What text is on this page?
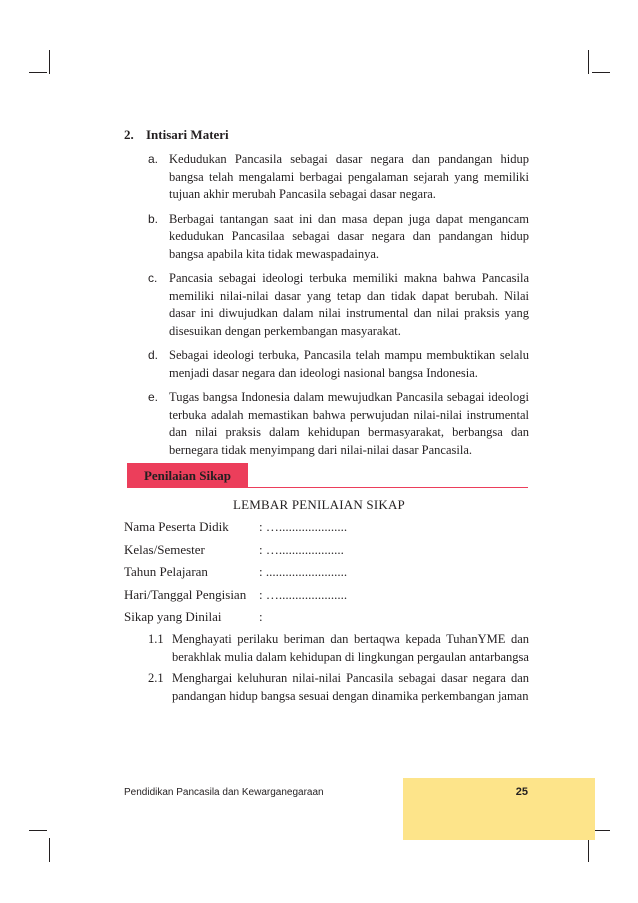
2. Intisari Materi
a. Kedudukan Pancasila sebagai dasar negara dan pandangan hidup bangsa telah mengalami berbagai pengalaman sejarah yang memiliki tujuan akhir merubah Pancasila sebagai dasar negara.
b. Berbagai tantangan saat ini dan masa depan juga dapat mengancam kedudukan Pancasilaa sebagai dasar negara dan pandangan hidup bangsa apabila kita tidak mewaspadainya.
c. Pancasia sebagai ideologi terbuka memiliki makna bahwa Pancasila memiliki nilai-nilai dasar yang tetap dan tidak dapat berubah. Nilai dasar ini diwujudkan dalam nilai instrumental dan nilai praksis yang disesuikan dengan perkembangan masyarakat.
d. Sebagai ideologi terbuka, Pancasila telah mampu membuktikan selalu menjadi dasar negara dan ideologi nasional bangsa Indonesia.
e. Tugas bangsa Indonesia dalam mewujudkan Pancasila sebagai ideologi terbuka adalah memastikan bahwa perwujudan nilai-nilai instrumental dan nilai praksis dalam kehidupan bermasyarakat, berbangsa dan bernegara tidak menyimpang dari nilai-nilai dasar Pancasila.
Penilaian Sikap
LEMBAR PENILAIAN SIKAP
Nama Peserta Didik : ….....................
Kelas/Semester	: …....................
Tahun Pelajaran	: .........................
Hari/Tanggal Pengisian : ….....................
Sikap yang Dinilai	:
1.1 Menghayati perilaku beriman dan bertaqwa kepada TuhanYME dan berakhlak mulia dalam kehidupan di lingkungan pergaulan antarbangsa
2.1 Menghargai keluhuran nilai-nilai Pancasila sebagai dasar negara dan pandangan hidup bangsa sesuai dengan dinamika perkembangan jaman
Pendidikan Pancasila dan Kewarganegaraan	25
